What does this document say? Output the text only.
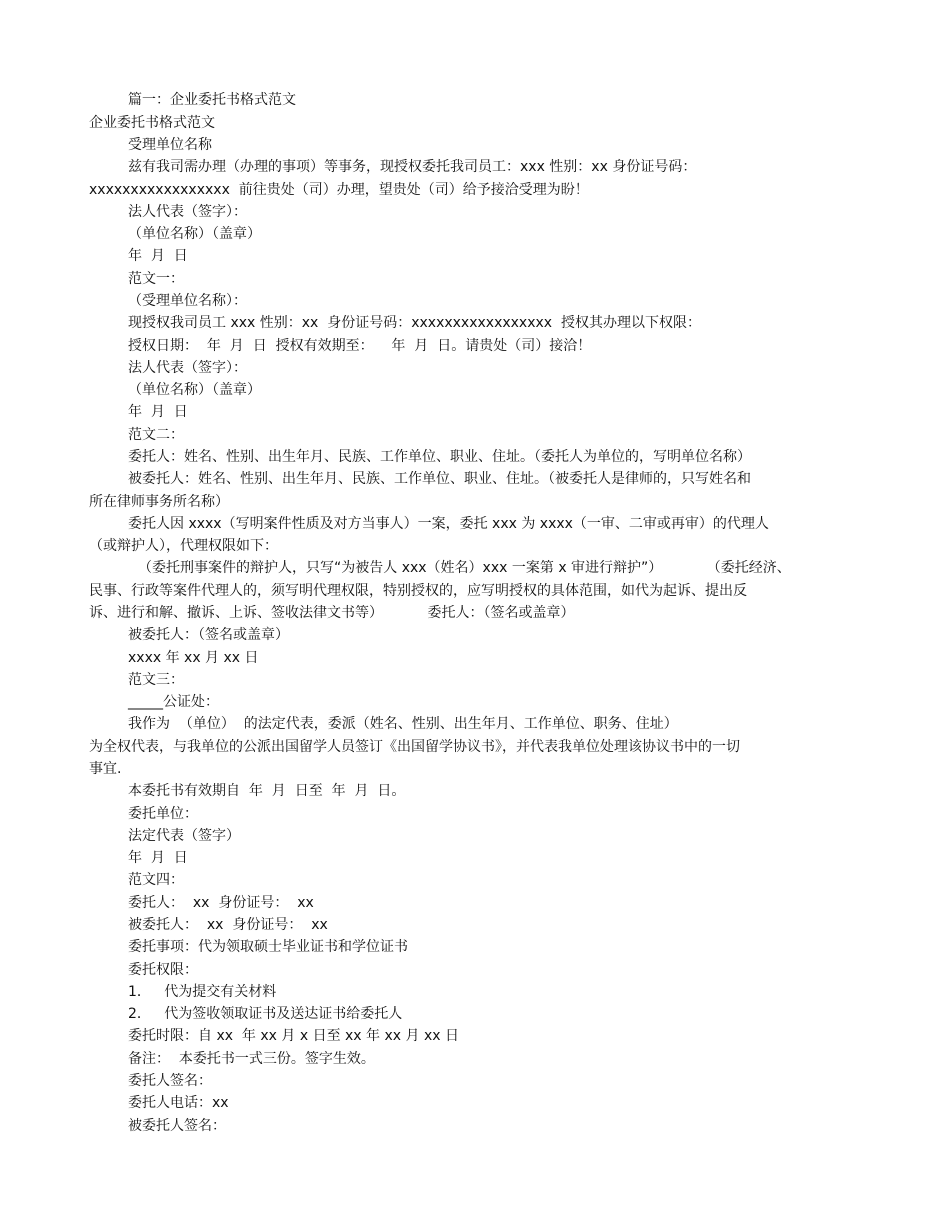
篇一：企业委托书格式范文
企业委托书格式范文
受理单位名称
兹有我司需办理（办理的事项）等事务，现授权委托我司员工：xxx 性别：xx 身份证号码：
xxxxxxxxxxxxxxxxx  前往贵处（司）办理，望贵处（司）给予接洽受理为盼！
法人代表（签字）：
（单位名称）（盖章）
年  月  日
范文一：
（受理单位名称）：
现授权我司员工 xxx 性别：xx  身份证号码：xxxxxxxxxxxxxxxxx  授权其办理以下权限：
授权日期：  年  月  日  授权有效期至：    年  月  日。请贵处（司）接洽！
法人代表（签字）：
（单位名称）（盖章）
年  月  日
范文二：
委托人：姓名、性别、出生年月、民族、工作单位、职业、住址。（委托人为单位的，写明单位名称）
被委托人：姓名、性别、出生年月、民族、工作单位、职业、住址。（被委托人是律师的，只写姓名和
所在律师事务所名称）
委托人因 xxxx（写明案件性质及对方当事人）一案，委托 xxx 为 xxxx（一审、二审或再审）的代理人
（或辩护人），代理权限如下：
（委托刑事案件的辩护人，只写“为被告人 xxx（姓名）xxx 一案第 x 审进行辩护”）          （委托经济、
民事、行政等案件代理人的，须写明代理权限，特别授权的，应写明授权的具体范围，如代为起诉、提出反
诉、进行和解、撤诉、上诉、签收法律文书等）          委托人：（签名或盖章）
被委托人：（签名或盖章）
xxxx 年 xx 月 xx 日
范文三：
_____公证处：
我作为  （单位）  的法定代表，委派（姓名、性别、出生年月、工作单位、职务、住址）
为全权代表，与我单位的公派出国留学人员签订《出国留学协议书》，并代表我单位处理该协议书中的一切
事宜.
本委托书有效期自  年  月  日至  年  月  日。
委托单位：
法定代表（签字）
年  月  日
范文四：
委托人：  xx  身份证号：  xx
被委托人：  xx  身份证号：  xx
委托事项：代为领取硕士毕业证书和学位证书
委托权限：
1．   代为提交有关材料
2．   代为签收领取证书及送达证书给委托人
委托时限：自 xx  年 xx 月 x 日至 xx 年 xx 月 xx 日
备注：  本委托书一式三份。签字生效。
委托人签名：
委托人电话：xx
被委托人签名：
